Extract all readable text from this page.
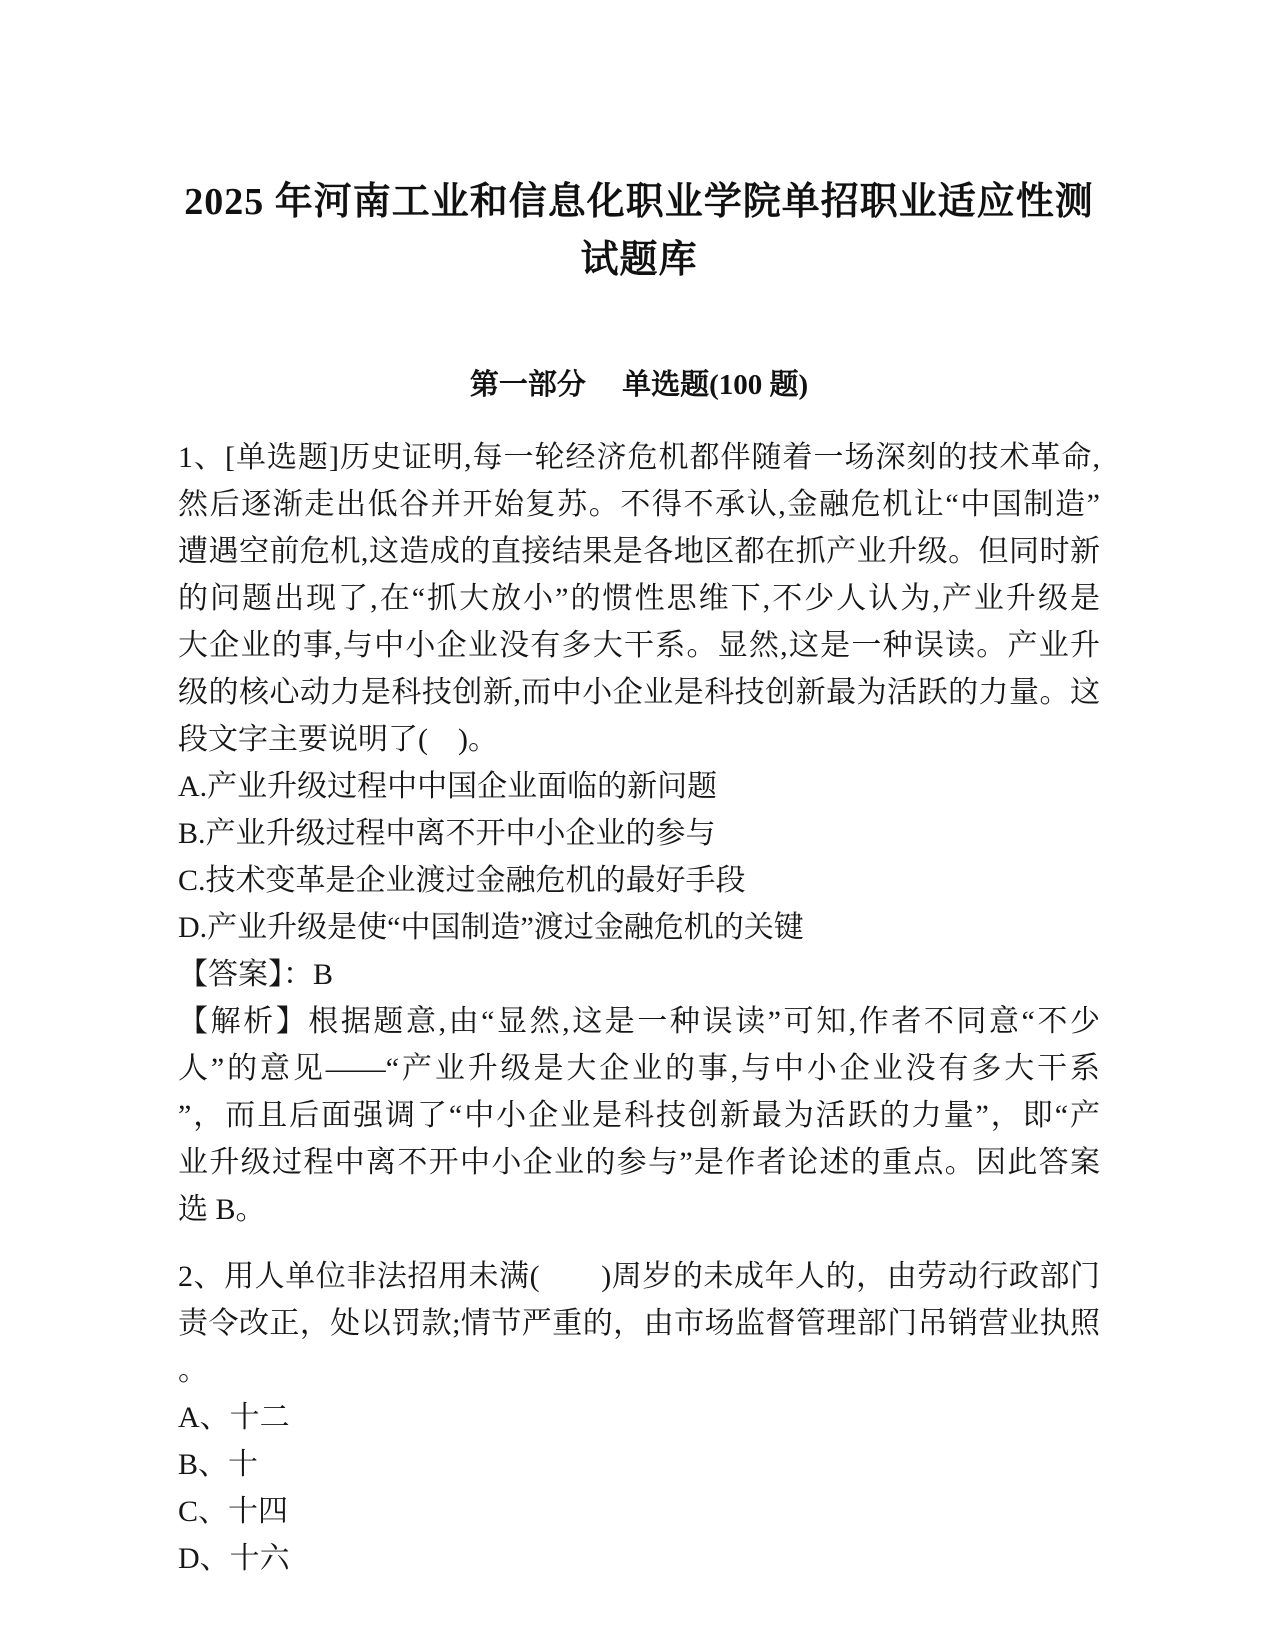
2025 年河南工业和信息化职业学院单招职业适应性测
试题库
第一部分　 单选题(100 题)
1、[单选题]历史证明,每一轮经济危机都伴随着一场深刻的技术革命,
然后逐渐走出低谷并开始复苏。不得不承认,金融危机让“中国制造”
遭遇空前危机,这造成的直接结果是各地区都在抓产业升级。但同时新
的问题出现了,在“抓大放小”的惯性思维下,不少人认为,产业升级是
大企业的事,与中小企业没有多大干系。显然,这是一种误读。产业升
级的核心动力是科技创新,而中小企业是科技创新最为活跃的力量。这
段文字主要说明了(　)。
A.产业升级过程中中国企业面临的新问题
B.产业升级过程中离不开中小企业的参与
C.技术变革是企业渡过金融危机的最好手段
D.产业升级是使“中国制造”渡过金融危机的关键
【答案】：B
【解析】根据题意,由“显然,这是一种误读”可知,作者不同意“不少
人”的意见——“产业升级是大企业的事,与中小企业没有多大干系
”，而且后面强调了“中小企业是科技创新最为活跃的力量”，即“产
业升级过程中离不开中小企业的参与”是作者论述的重点。因此答案
选 B。
2、用人单位非法招用未满(　　)周岁的未成年人的，由劳动行政部门
责令改正，处以罚款;情节严重的，由市场监督管理部门吊销营业执照
。
A、十二
B、十
C、十四
D、十六
